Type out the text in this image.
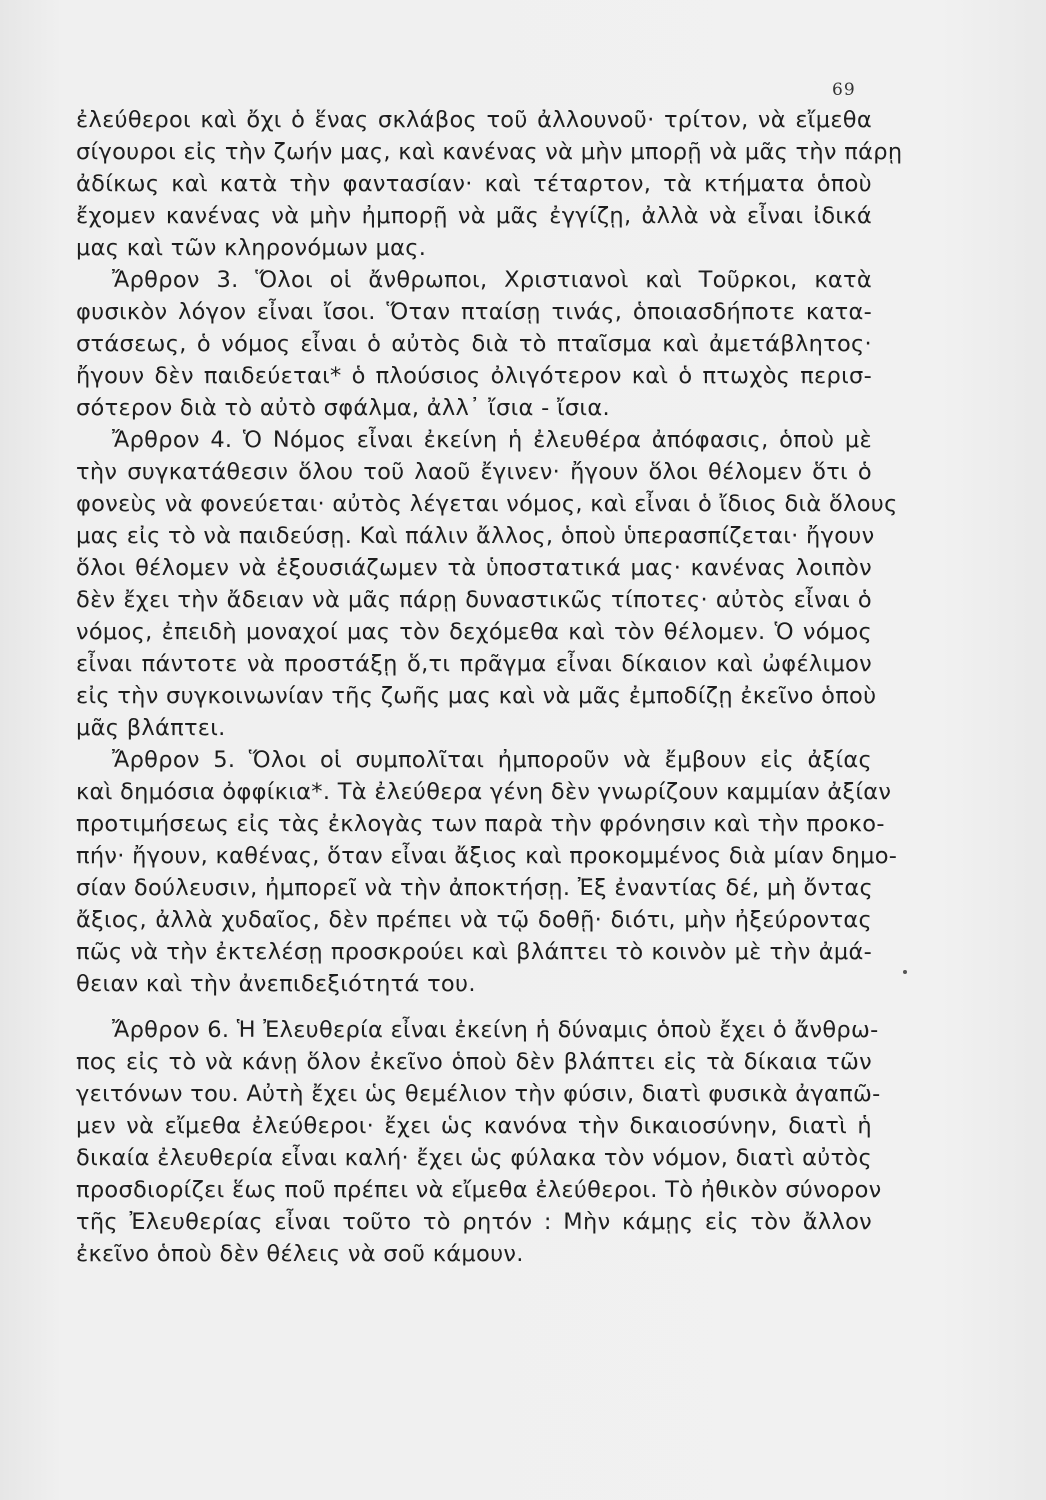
69
ἐλεύθεροι καὶ ὄχι ὁ ἕνας σκλάβος τοῦ ἀλλουνοῦ· τρίτον, νὰ εἴμεθα
σίγουροι εἰς τὴν ζωήν μας, καὶ κανένας νὰ μὴν μπορῇ νὰ μᾶς τὴν πάρῃ
ἀδίκως καὶ κατὰ τὴν φαντασίαν· καὶ τέταρτον, τὰ κτήματα ὁποὺ
ἔχομεν κανένας νὰ μὴν ἠμπορῇ νὰ μᾶς ἐγγίζῃ, ἀλλὰ νὰ εἶναι ἰδικά
μας καὶ τῶν κληρονόμων μας.
Ἄρθρον 3. Ὅλοι οἱ ἄνθρωποι, Χριστιανοὶ καὶ Τοῦρκοι, κατὰ
φυσικὸν λόγον εἶναι ἴσοι. Ὅταν πταίσῃ τινάς, ὁποιασδήποτε κατα-
στάσεως, ὁ νόμος εἶναι ὁ αὐτὸς διὰ τὸ πταῖσμα καὶ ἀμετάβλητος·
ἤγουν δὲν παιδεύεται* ὁ πλούσιος ὀλιγότερον καὶ ὁ πτωχὸς περισ-
σότερον διὰ τὸ αὐτὸ σφάλμα, ἀλλ᾽ ἴσια - ἴσια.
Ἄρθρον 4. Ὁ Νόμος εἶναι ἐκείνη ἡ ἐλευθέρα ἀπόφασις, ὁποὺ μὲ
τὴν συγκατάθεσιν ὅλου τοῦ λαοῦ ἔγινεν· ἤγουν ὅλοι θέλομεν ὅτι ὁ
φονεὺς νὰ φονεύεται· αὐτὸς λέγεται νόμος, καὶ εἶναι ὁ ἴδιος διὰ ὅλους
μας εἰς τὸ νὰ παιδεύσῃ. Καὶ πάλιν ἄλλος, ὁποὺ ὑπερασπίζεται· ἤγουν
ὅλοι θέλομεν νὰ ἐξουσιάζωμεν τὰ ὑποστατικά μας· κανένας λοιπὸν
δὲν ἔχει τὴν ἄδειαν νὰ μᾶς πάρῃ δυναστικῶς τίποτες· αὐτὸς εἶναι ὁ
νόμος, ἐπειδὴ μοναχοί μας τὸν δεχόμεθα καὶ τὸν θέλομεν. Ὁ νόμος
εἶναι πάντοτε νὰ προστάξῃ ὅ,τι πρᾶγμα εἶναι δίκαιον καὶ ὠφέλιμον
εἰς τὴν συγκοινωνίαν τῆς ζωῆς μας καὶ νὰ μᾶς ἐμποδίζῃ ἐκεῖνο ὁποὺ
μᾶς βλάπτει.
Ἄρθρον 5. Ὅλοι οἱ συμπολῖται ἠμποροῦν νὰ ἔμβουν εἰς ἀξίας
καὶ δημόσια ὀφφίκια*. Τὰ ἐλεύθερα γένη δὲν γνωρίζουν καμμίαν ἀξίαν
προτιμήσεως εἰς τὰς ἐκλογὰς των παρὰ τὴν φρόνησιν καὶ τὴν προκο-
πήν· ἤγουν, καθένας, ὅταν εἶναι ἄξιος καὶ προκομμένος διὰ μίαν δημο-
σίαν δούλευσιν, ἠμπορεῖ νὰ τὴν ἀποκτήσῃ. Ἐξ ἐναντίας δέ, μὴ ὄντας
ἄξιος, ἀλλὰ χυδαῖος, δὲν πρέπει νὰ τῷ δοθῇ· διότι, μὴν ἠξεύροντας
πῶς νὰ τὴν ἐκτελέσῃ προσκρούει καὶ βλάπτει τὸ κοινὸν μὲ τὴν ἀμά-
θειαν καὶ τὴν ἀνεπιδεξιότητά του.
Ἄρθρον 6. Ἡ Ἐλευθερία εἶναι ἐκείνη ἡ δύναμις ὁποὺ ἔχει ὁ ἄνθρω-
πος εἰς τὸ νὰ κάνῃ ὅλον ἐκεῖνο ὁποὺ δὲν βλάπτει εἰς τὰ δίκαια τῶν
γειτόνων του. Αὐτὴ ἔχει ὡς θεμέλιον τὴν φύσιν, διατὶ φυσικὰ ἀγαπῶ-
μεν νὰ εἴμεθα ἐλεύθεροι· ἔχει ὡς κανόνα τὴν δικαιοσύνην, διατὶ ἡ
δικαία ἐλευθερία εἶναι καλή· ἔχει ὡς φύλακα τὸν νόμον, διατὶ αὐτὸς
προσδιορίζει ἕως ποῦ πρέπει νὰ εἴμεθα ἐλεύθεροι. Τὸ ἠθικὸν σύνορον
τῆς Ἐλευθερίας εἶναι τοῦτο τὸ ρητόν : Μὴν κάμῃς εἰς τὸν ἄλλον
ἐκεῖνο ὁποὺ δὲν θέλεις νὰ σοῦ κάμουν.
